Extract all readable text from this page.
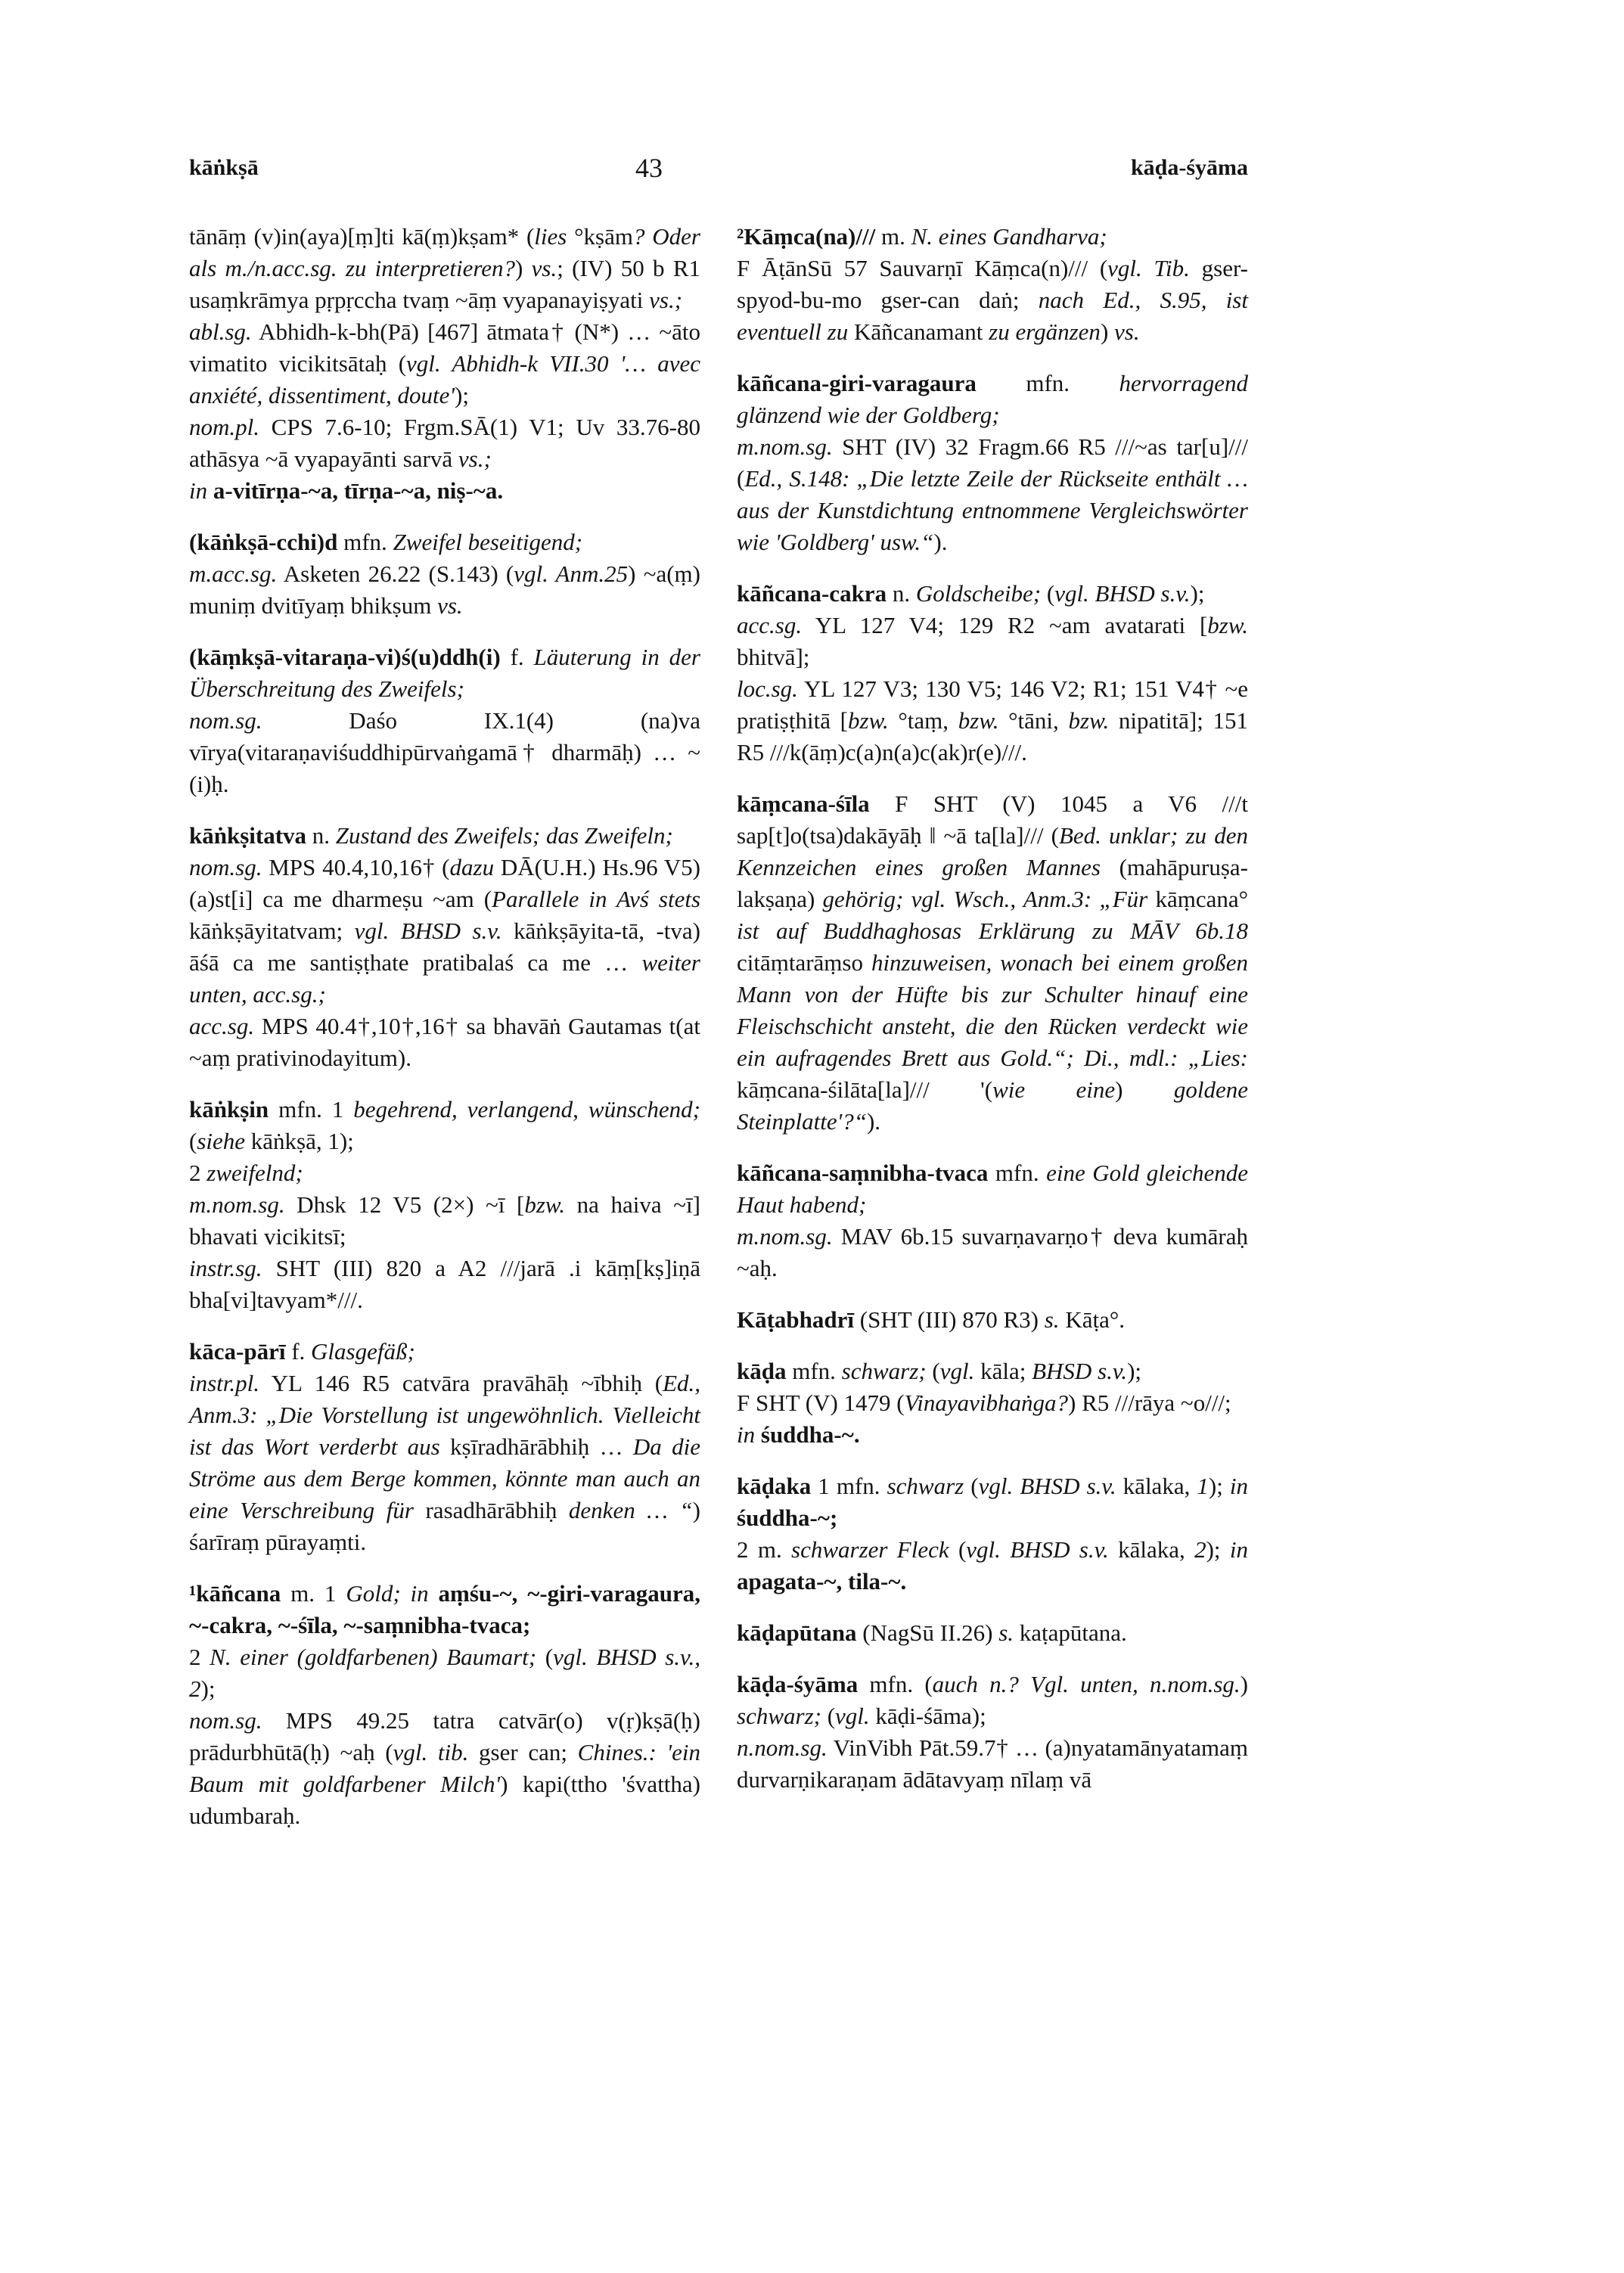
kāṅkṣā	43	kāḍa-śyāma

tānāṃ (v)in(aya)[ṃ]ti kā(ṃ)kṣam* (lies °kṣām? Oder als m./n.acc.sg. zu interpretieren?) vs.; (IV) 50 b R1 usaṃkrāmya pṛpṛccha tvaṃ ~āṃ vyapanayiṣyati vs.;

abl.sg. Abhidh-k-bh(Pā) [467] ātmata† (N*) … ~āto vimatito vicikitsātaḥ (vgl. Abhidh-k VII.30 '… avec anxiété, dissentiment, doute');

nom.pl. CPS 7.6-10; Frgm.SĀ(1) V1; Uv 33.76-80 athāsya ~ā vyapayānti sarvā vs.;

in a-vitīrṇa-~a, tīrṇa-~a, niṣ-~a.

(kāṅkṣā-cchi)d mfn. Zweifel beseitigend;

m.acc.sg. Asketen 26.22 (S.143) (vgl. Anm.25) ~a(ṃ) muniṃ dvitīyaṃ bhikṣum vs.

(kāṃkṣā-vitaraṇa-vi)ś(u)ddh(i) f. Läuterung in der Überschreitung des Zweifels;

nom.sg. Daśo IX.1(4) (na)va vīrya(vitaraṇaviśuddhipūrvaṅgamā† dharmāḥ) … ~(i)ḥ.

kāṅkṣitatva n. Zustand des Zweifels; das Zweifeln;

nom.sg. MPS 40.4,10,16† (dazu DĀ(U.H.) Hs.96 V5) (a)st[i] ca me dharmeṣu ~am (Parallele in Avś stets kāṅkṣāyitatvam; vgl. BHSD s.v. kāṅkṣāyita-tā, -tva) āśā ca me santiṣṭhate pratibalaś ca me … weiter unten, acc.sg.;

acc.sg. MPS 40.4†,10†,16† sa bhavāṅ Gautamas t(at ~aṃ prativinodayitum).

kāṅkṣin mfn. 1 begehrend, verlangend, wünschend; (siehe kāṅkṣā, 1);

2 zweifelnd;

m.nom.sg. Dhsk 12 V5 (2×) ~ī [bzw. na haiva ~ī] bhavati vicikitsī;

instr.sg. SHT (III) 820 a A2 ///jarā .i kāṃ[kṣ]iṇā bha[vi]tavyam*///.

kāca-pārī f. Glasgefäß;

instr.pl. YL 146 R5 catvāra pravāhāḥ ~ībhiḥ (Ed., Anm.3: „Die Vorstellung ist ungewöhnlich. Vielleicht ist das Wort verderbt aus kṣīradhārābhiḥ … Da die Ströme aus dem Berge kommen, könnte man auch an eine Verschreibung für rasadhārābhiḥ denken … “) śarīraṃ pūrayaṃti.

¹kāñcana m. 1 Gold; in aṃśu-~, ~-giri-varagaura, ~-cakra, ~-śīla, ~-saṃnibha-tvaca;

2 N. einer (goldfarbenen) Baumart; (vgl. BHSD s.v., 2);

nom.sg. MPS 49.25 tatra catvār(o) v(ṛ)kṣā(ḥ) prādurbhūtā(ḥ) ~aḥ (vgl. tib. gser can; Chines.: 'ein Baum mit goldfarbener Milch') kapi(ttho 'śvattha) udumbaraḥ.

²Kāṃca(na)/// m. N. eines Gandharva;

F ĀṭānSū 57 Sauvarṇī Kāṃca(n)/// (vgl. Tib. gser-spyod-bu-mo gser-can daṅ; nach Ed., S.95, ist eventuell zu Kāñcanamant zu ergänzen) vs.

kāñcana-giri-varagaura mfn. hervorragend glänzend wie der Goldberg;

m.nom.sg. SHT (IV) 32 Fragm.66 R5 ///~as tar[u]/// (Ed., S.148: „Die letzte Zeile der Rückseite enthält … aus der Kunstdichtung entnommene Vergleichswörter wie 'Goldberg' usw.“).

kāñcana-cakra n. Goldscheibe; (vgl. BHSD s.v.);

acc.sg. YL 127 V4; 129 R2 ~am avatarati [bzw. bhitvā];

loc.sg. YL 127 V3; 130 V5; 146 V2; R1; 151 V4† ~e pratiṣṭhitā [bzw. °taṃ, bzw. °tāni, bzw. nipatitā]; 151 R5 ///k(āṃ)c(a)n(a)c(ak)r(e)///.

kāṃcana-śīla F SHT (V) 1045 a V6 ///t sap[t]o(tsa)dakāyāḥ ‖ ~ā ta[la]/// (Bed. unklar; zu den Kennzeichen eines großen Mannes (mahāpuruṣa-lakṣaṇa) gehörig; vgl. Wsch., Anm.3: „Für kāṃcana° ist auf Buddhaghosas Erklärung zu MĀV 6b.18 citāṃtarāṃso hinzuweisen, wonach bei einem großen Mann von der Hüfte bis zur Schulter hinauf eine Fleischschicht ansteht, die den Rücken verdeckt wie ein aufragendes Brett aus Gold.“; Di., mdl.: „Lies: kāṃcana-śilāta[la]/// '(wie eine) goldene Steinplatte'?“).

kāñcana-saṃnibha-tvaca mfn. eine Gold gleichende Haut habend;

m.nom.sg. MAV 6b.15 suvarṇavarṇo† deva kumāraḥ ~aḥ.

Kāṭabhadrī (SHT (III) 870 R3) s. Kāṭa°.

kāḍa mfn. schwarz; (vgl. kāla; BHSD s.v.);

F SHT (V) 1479 (Vinayavibhaṅga?) R5 ///rāya ~o///;

in śuddha-~.

kāḍaka 1 mfn. schwarz (vgl. BHSD s.v. kālaka, 1); in śuddha-~;

2 m. schwarzer Fleck (vgl. BHSD s.v. kālaka, 2); in apagata-~, tila-~.

kāḍapūtana (NagSū II.26) s. kaṭapūtana.

kāḍa-śyāma mfn. (auch n.? Vgl. unten, n.nom.sg.) schwarz; (vgl. kāḍi-śāma);

n.nom.sg. VinVibh Pāt.59.7† … (a)nyatamānyatamaṃ durvarṇikaraṇam ādātavyaṃ nīlaṃ vā
